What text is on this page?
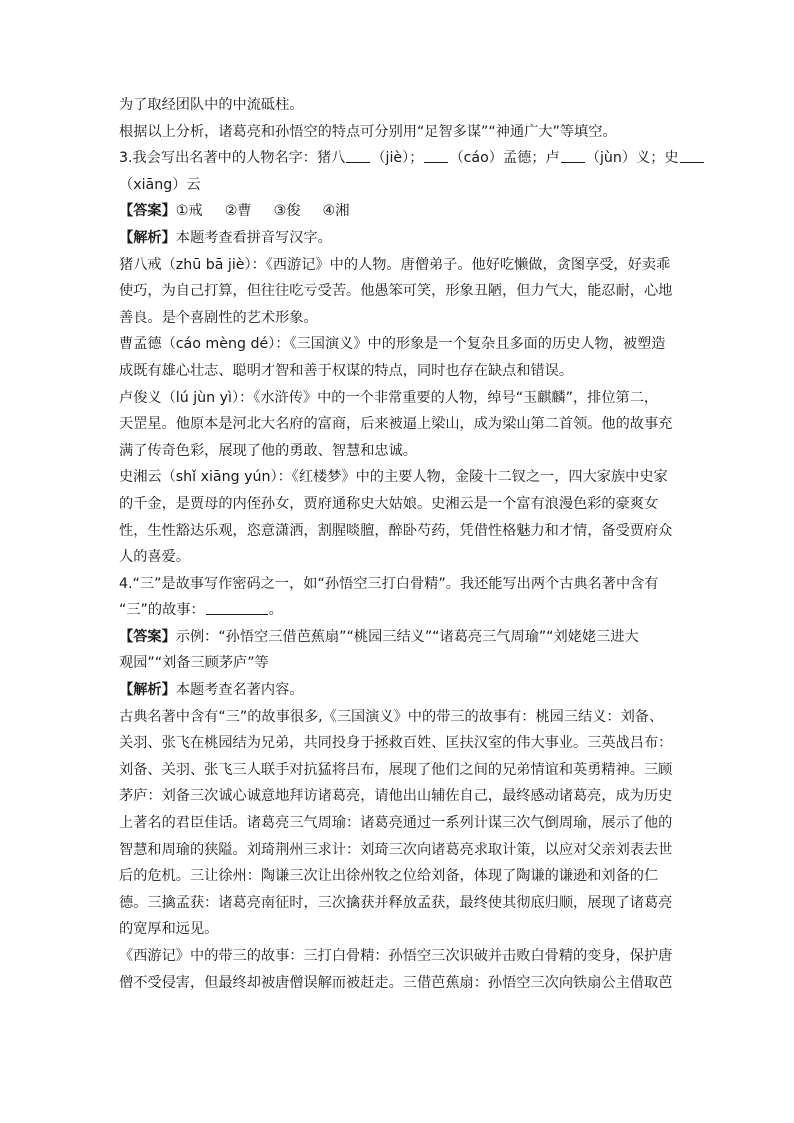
为了取经团队中的中流砥柱。
根据以上分析，诸葛亮和孙悟空的特点可分别用“足智多谋”“神通广大”等填空。
3.我会写出名著中的人物名字：猪八 （jiè）； （cáo）孟德；卢 （jùn）义；史
（xiāng）云
【答案】①戒 ②曹 ③俊 ④湘
【解析】本题考查看拼音写汉字。
猪八戒（zhū bā jiè）：《西游记》中的人物。唐僧弟子。他好吃懒做，贪图享受，好卖乖
使巧，为自己打算，但往往吃亏受苦。他愚笨可笑，形象丑陋，但力气大，能忍耐，心地
善良。是个喜剧性的艺术形象。
曹孟德（cáo mèng dé）：《三国演义》中的形象是一个复杂且多面的历史人物，被塑造
成既有雄心壮志、聪明才智和善于权谋的特点，同时也存在缺点和错误。
卢俊义（lú jùn yì）：《水浒传》中的一个非常重要的人物，绰号“玉麒麟”，排位第二，
天罡星。他原本是河北大名府的富商，后来被逼上梁山，成为梁山第二首领。他的故事充
满了传奇色彩，展现了他的勇敢、智慧和忠诚。
史湘云（shǐ xiāng yún）：《红楼梦》中的主要人物，金陵十二钗之一，四大家族中史家
的千金，是贾母的内侄孙女，贾府通称史大姑娘。史湘云是一个富有浪漫色彩的豪爽女
性，生性豁达乐观，恣意潇洒，割腥啖膻，醉卧芍药，凭借性格魅力和才情，备受贾府众
人的喜爱。
4.“三”是故事写作密码之一，如“孙悟空三打白骨精”。我还能写出两个古典名著中含有
“三”的故事：	。
【答案】示例：“孙悟空三借芭蕉扇”“桃园三结义”“诸葛亮三气周瑜”“刘姥姥三进大
观园”“刘备三顾茅庐”等
【解析】本题考查名著内容。
古典名著中含有“三”的故事很多,《三国演义》中的带三的故事有：桃园三结义：刘备、
关羽、张飞在桃园结为兄弟，共同投身于拯救百姓、匡扶汉室的伟大事业。三英战吕布：
刘备、关羽、张飞三人联手对抗猛将吕布，展现了他们之间的兄弟情谊和英勇精神。三顾
茅庐：刘备三次诚心诚意地拜访诸葛亮，请他出山辅佐自己，最终感动诸葛亮，成为历史
上著名的君臣佳话。诸葛亮三气周瑜：诸葛亮通过一系列计谋三次气倒周瑜，展示了他的
智慧和周瑜的狭隘。刘琦荆州三求计：刘琦三次向诸葛亮求取计策，以应对父亲刘表去世
后的危机。三让徐州：陶谦三次让出徐州牧之位给刘备，体现了陶谦的谦逊和刘备的仁
德。三擒孟获：诸葛亮南征时，三次擒获并释放孟获，最终使其彻底归顺，展现了诸葛亮
的宽厚和远见。
《西游记》中的带三的故事：三打白骨精：孙悟空三次识破并击败白骨精的变身，保护唐
僧不受侵害，但最终却被唐僧误解而被赶走。三借芭蕉扇：孙悟空三次向铁扇公主借取芭
